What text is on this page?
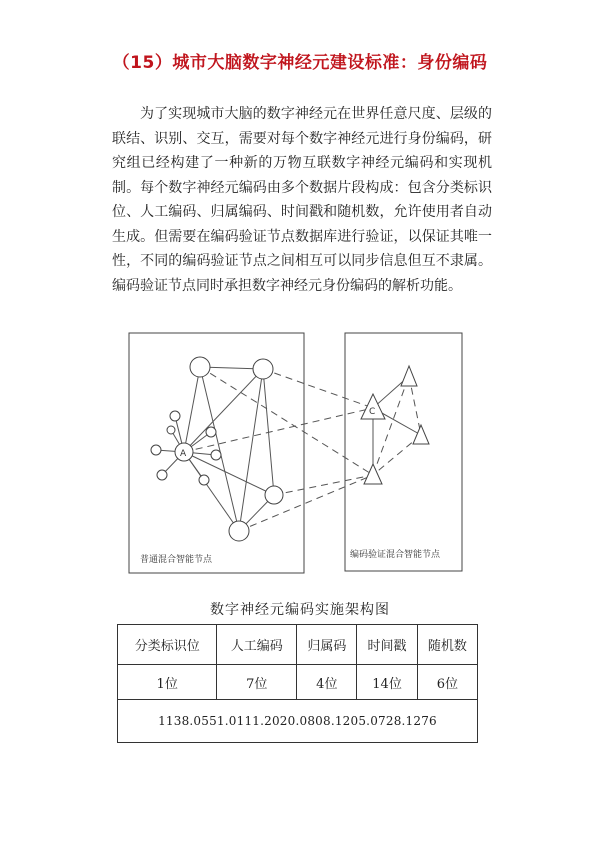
（15）城市大脑数字神经元建设标准：身份编码

为了实现城市大脑的数字神经元在世界任意尺度、层级的联结、识别、交互，需要对每个数字神经元进行身份编码，研究组已经构建了一种新的万物互联数字神经元编码和实现机制。每个数字神经元编码由多个数据片段构成：包含分类标识位、人工编码、归属编码、时间戳和随机数，允许使用者自动生成。但需要在编码验证节点数据库进行验证，以保证其唯一性，不同的编码验证节点之间相互可以同步信息但互不隶属。编码验证节点同时承担数字神经元身份编码的解析功能。

A
C
普通混合智能节点	编码验证混合智能节点
数字神经元编码实施架构图
分类标识位	人工编码	归属码	时间戳	随机数
1位	7位	4位	14位	6位
1138.0551.0111.2020.0808.1205.0728.1276				
